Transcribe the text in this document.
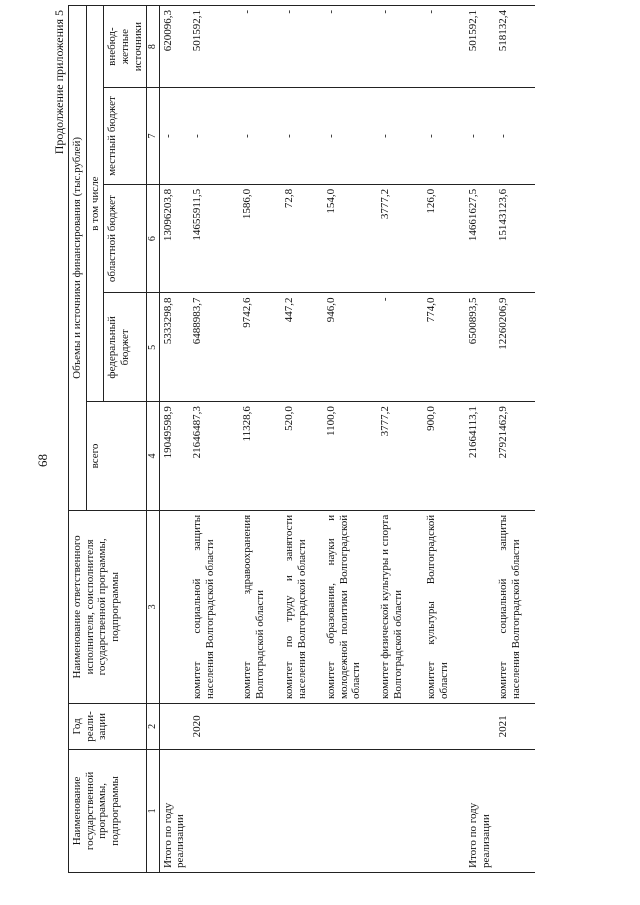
68
Продолжение приложения 5
Наименование государственной программы, подпрограммы	Год реали-зации	Наименование ответственного исполнителя, соисполнителя государственной программы, подпрограммы	Объемы и источники финансирования (тыс.рублей)				
			всего	в том числе			
				федеральный бюджет	областной бюджет	местный бюджет	внебюд-жетные источники
1	2	3	4	5	6	7	8
Итого по году реализации			19049598,9	5333298,8	13096203,8	-	620096,3
	2020	комитет социальной защиты населения Волгоградской области	21646487,3	6488983,7	14655911,5	-	501592,1
		комитет здравоохранения Волгоградской области	11328,6	9742,6	1586,0	-	-
		комитет по труду и занятости населения Волгоградской области	520,0	447,2	72,8	-	-
		комитет образования, науки и молодежной политики Волгоградской области	1100,0	946,0	154,0	-	-
		комитет физической культуры и спорта Волгоградской области	3777,2	-	3777,2	-	-
		комитет культуры Волгоградской области	900,0	774,0	126,0	-	-
Итого по году реализации			21664113,1	6500893,5	14661627,5	-	501592,1
	2021	комитет социальной защиты населения Волгоградской области	27921462,9	12260206,9	15143123,6	-	518132,4
